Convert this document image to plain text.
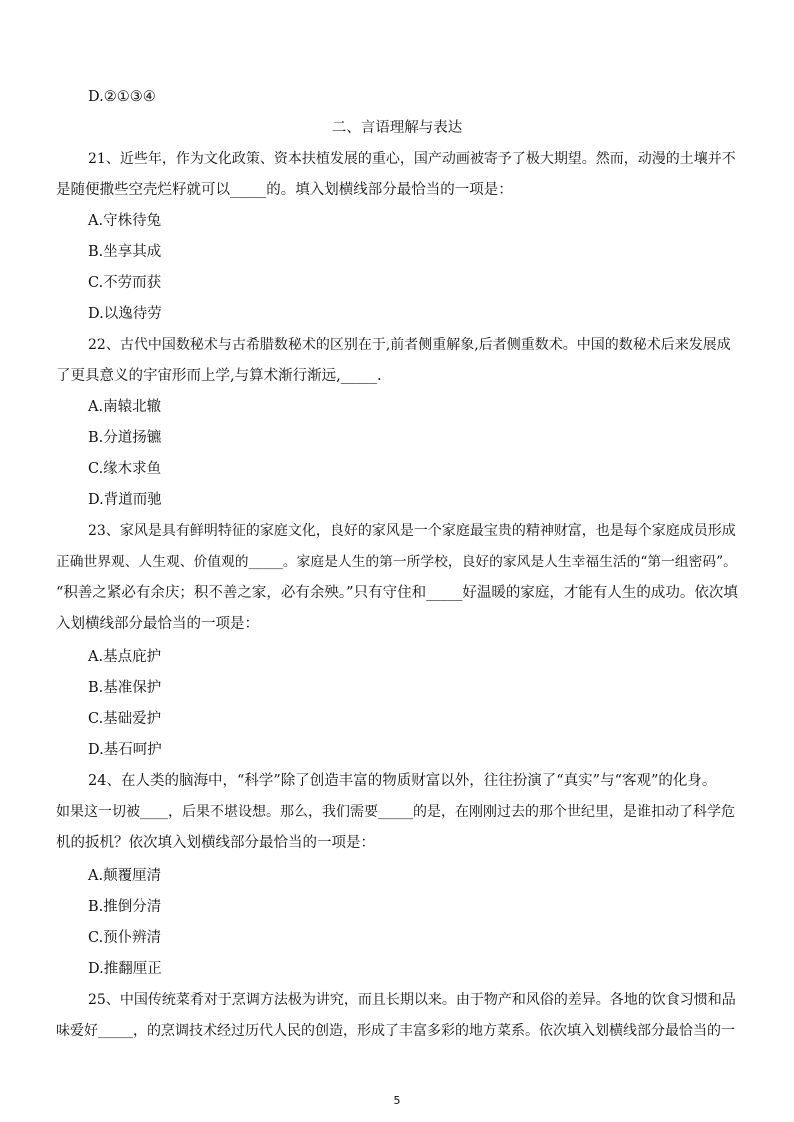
D.②①③④
二、言语理解与表达
21、近些年，作为文化政策、资本扶植发展的重心，国产动画被寄予了极大期望。然而，动漫的土壤并不
是随便撒些空壳烂籽就可以_____的。填入划横线部分最恰当的一项是：
A.守株待兔
B.坐享其成
C.不劳而获
D.以逸待劳
22、古代中国数秘术与古希腊数秘术的区别在于,前者侧重解象,后者侧重数术。中国的数秘术后来发展成
了更具意义的宇宙形而上学,与算术渐行渐远,_____.
A.南辕北辙
B.分道扬镳
C.缘木求鱼
D.背道而驰
23、家风是具有鲜明特征的家庭文化，良好的家风是一个家庭最宝贵的精神财富，也是每个家庭成员形成
正确世界观、人生观、价值观的_____。家庭是人生的第一所学校，良好的家风是人生幸福生活的“第一组密码”。
“积善之紧必有余庆；积不善之家，必有余殃。”只有守住和_____好温暖的家庭，才能有人生的成功。依次填
入划横线部分最恰当的一项是：
A.基点庇护
B.基准保护
C.基础爱护
D.基石呵护
24、在人类的脑海中，“科学”除了创造丰富的物质财富以外，往往扮演了“真实”与“客观”的化身。
如果这一切被____，后果不堪设想。那么，我们需要_____的是，在刚刚过去的那个世纪里，是谁扣动了科学危
机的扳机？依次填入划横线部分最恰当的一项是：
A.颠覆厘清
B.推倒分清
C.预仆辨清
D.推翻厘正
25、中国传统菜肴对于烹调方法极为讲究，而且长期以来。由于物产和风俗的差异。各地的饮食习惯和品
味爱好_____，的烹调技术经过历代人民的创造，形成了丰富多彩的地方菜系。依次填入划横线部分最恰当的一
5
